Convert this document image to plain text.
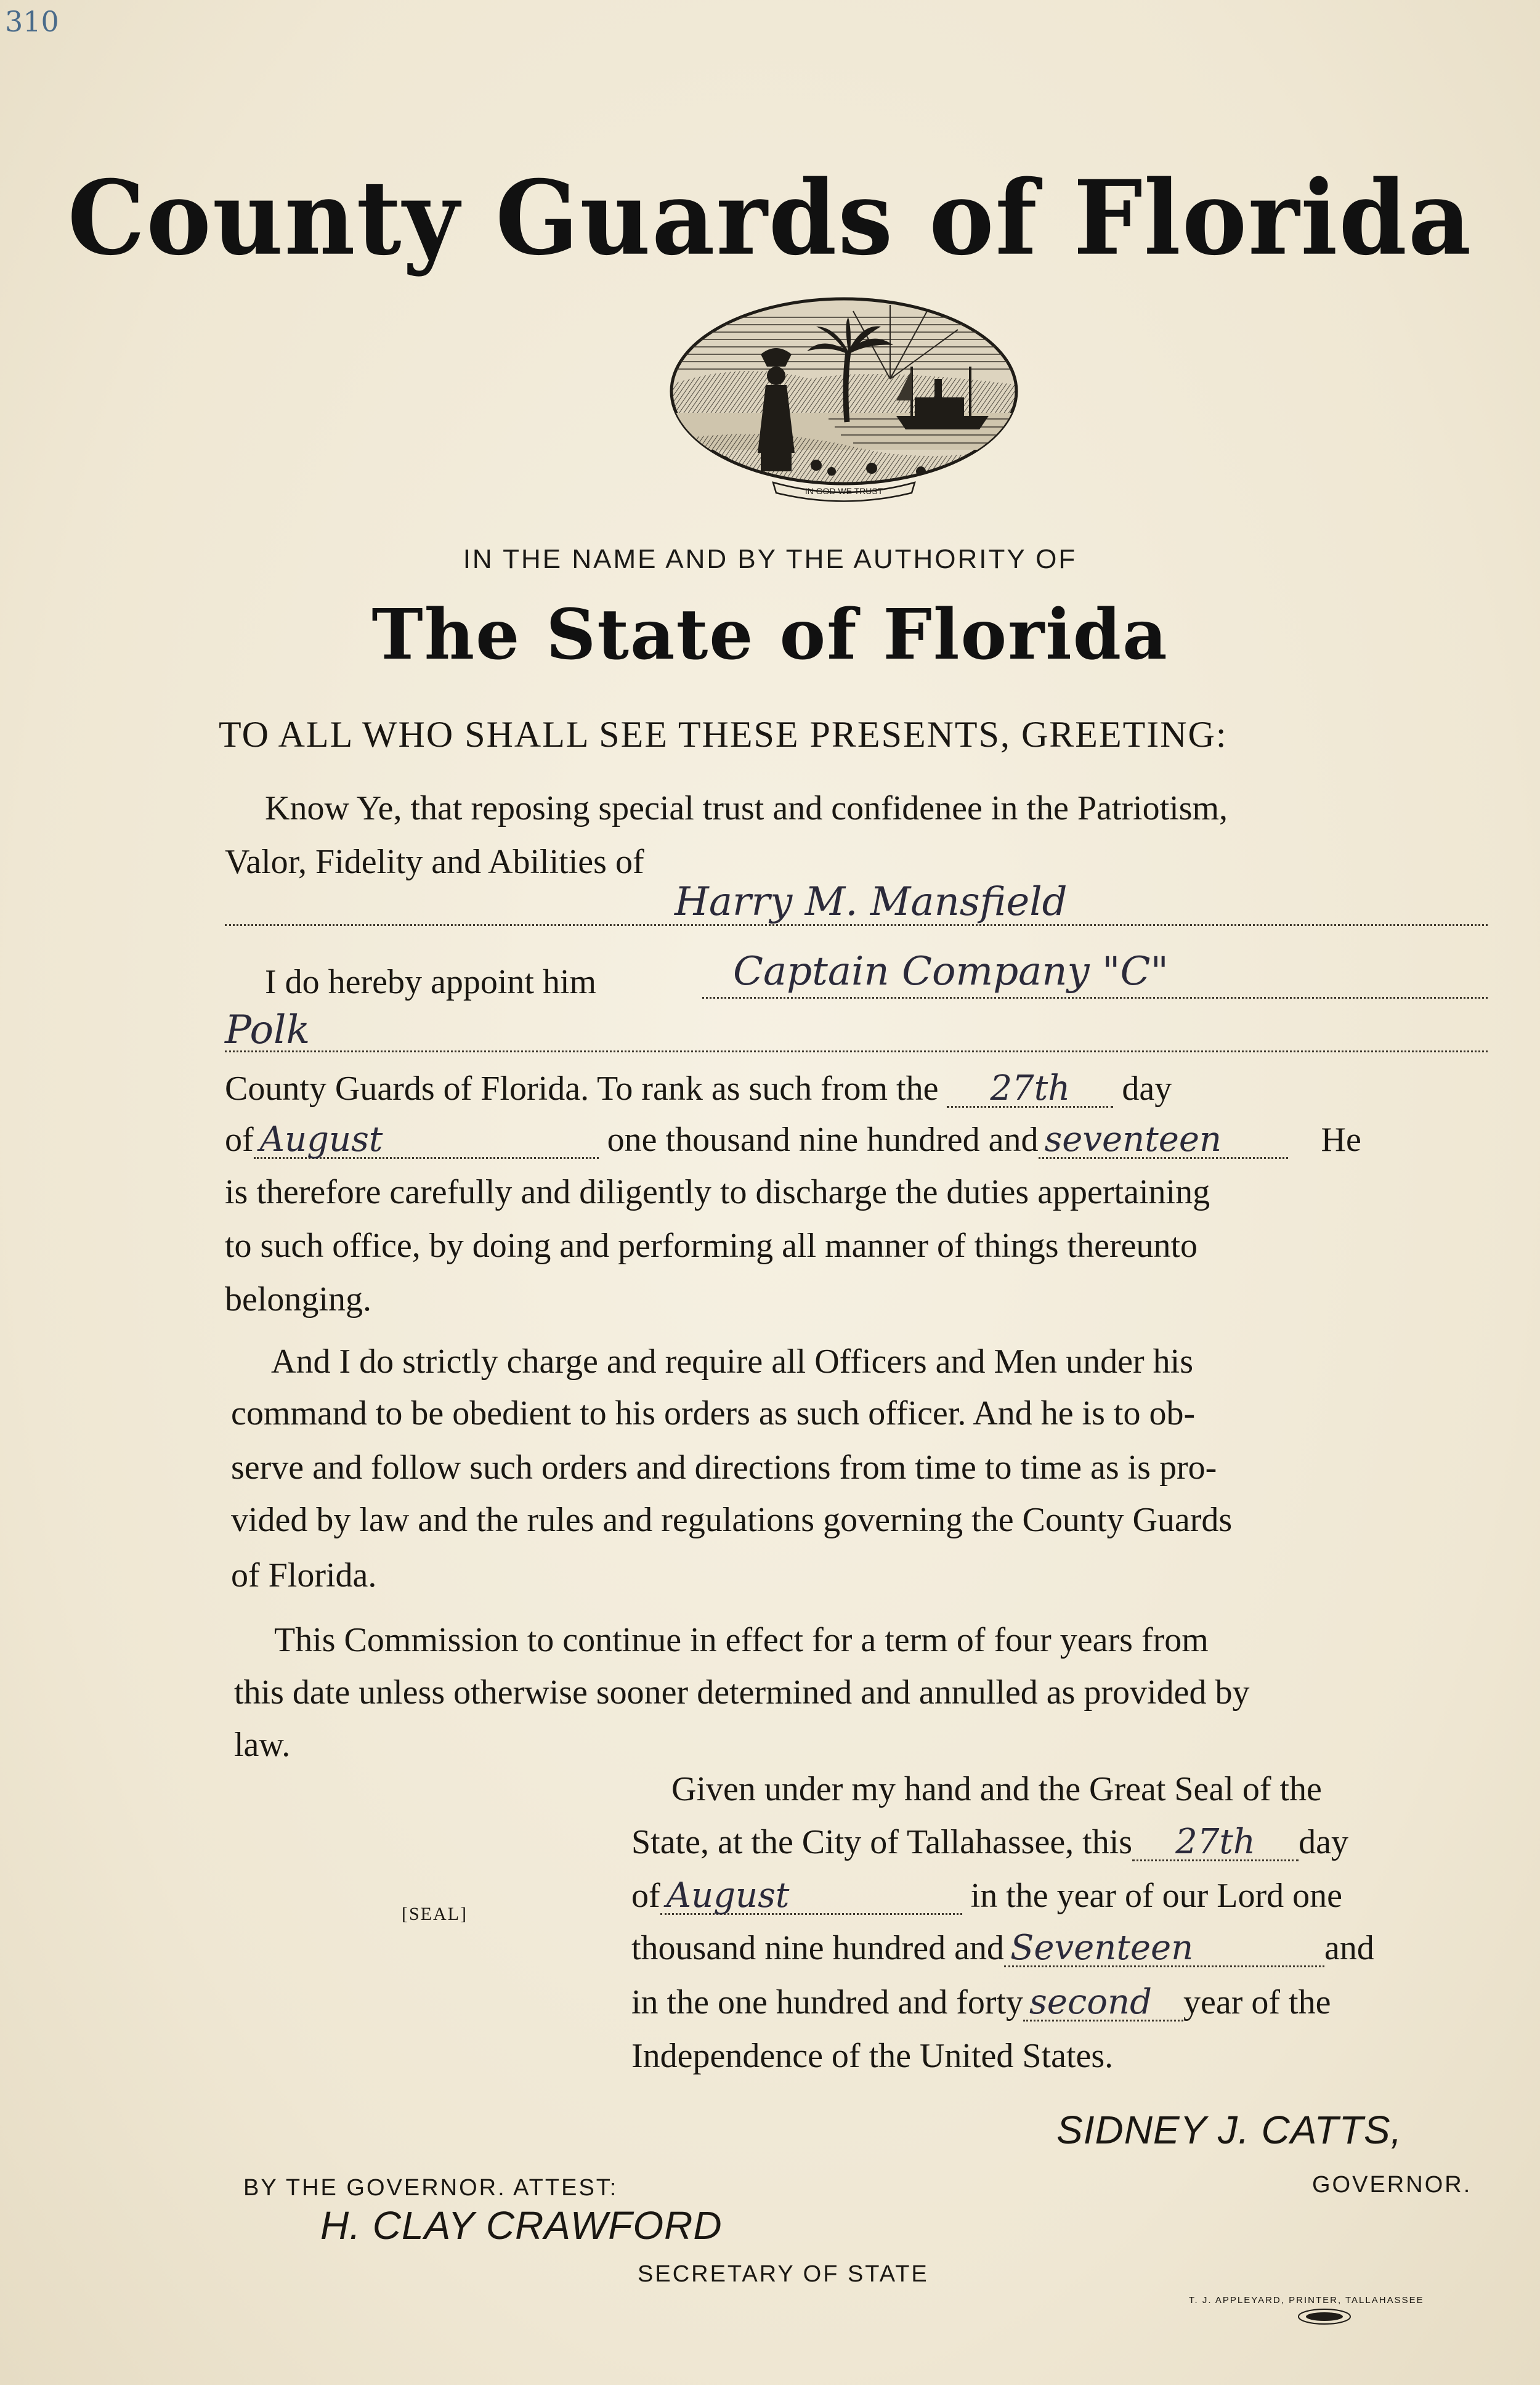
310
County Guards of Florida
IN GOD WE TRUST
IN THE NAME AND BY THE AUTHORITY OF
The State of Florida
TO ALL WHO SHALL SEE THESE PRESENTS, GREETING:
Know Ye, that reposing special trust and confidenee in the Patriotism,
Valor, Fidelity and Abilities of
Harry M. Mansfield
I do hereby appoint him	Captain Company "C"
Polk
County Guards of Florida. To rank as such from the 27th day
of August	one thousand nine hundred and seventeen	He
is therefore carefully and diligently to discharge the duties appertaining
to such office, by doing and performing all manner of things thereunto
belonging.
And I do strictly charge and require all Officers and Men under his
command to be obedient to his orders as such officer. And he is to ob-
serve and follow such orders and directions from time to time as is pro-
vided by law and the rules and regulations governing the County Guards
of Florida.
This Commission to continue in effect for a term of four years from
this date unless otherwise sooner determined and annulled as provided by
law.
Given under my hand and the Great Seal of the
State, at the City of Tallahassee, this 27th day
of August	in the year of our Lord one
thousand nine hundred and Seventeen	and
in the one hundred and forty second year of the
Independence of the United States.
[SEAL]
SIDNEY J. CATTS,
GOVERNOR.
BY THE GOVERNOR. ATTEST:
H. CLAY CRAWFORD
SECRETARY OF STATE
T. J. APPLEYARD, PRINTER, TALLAHASSEE
